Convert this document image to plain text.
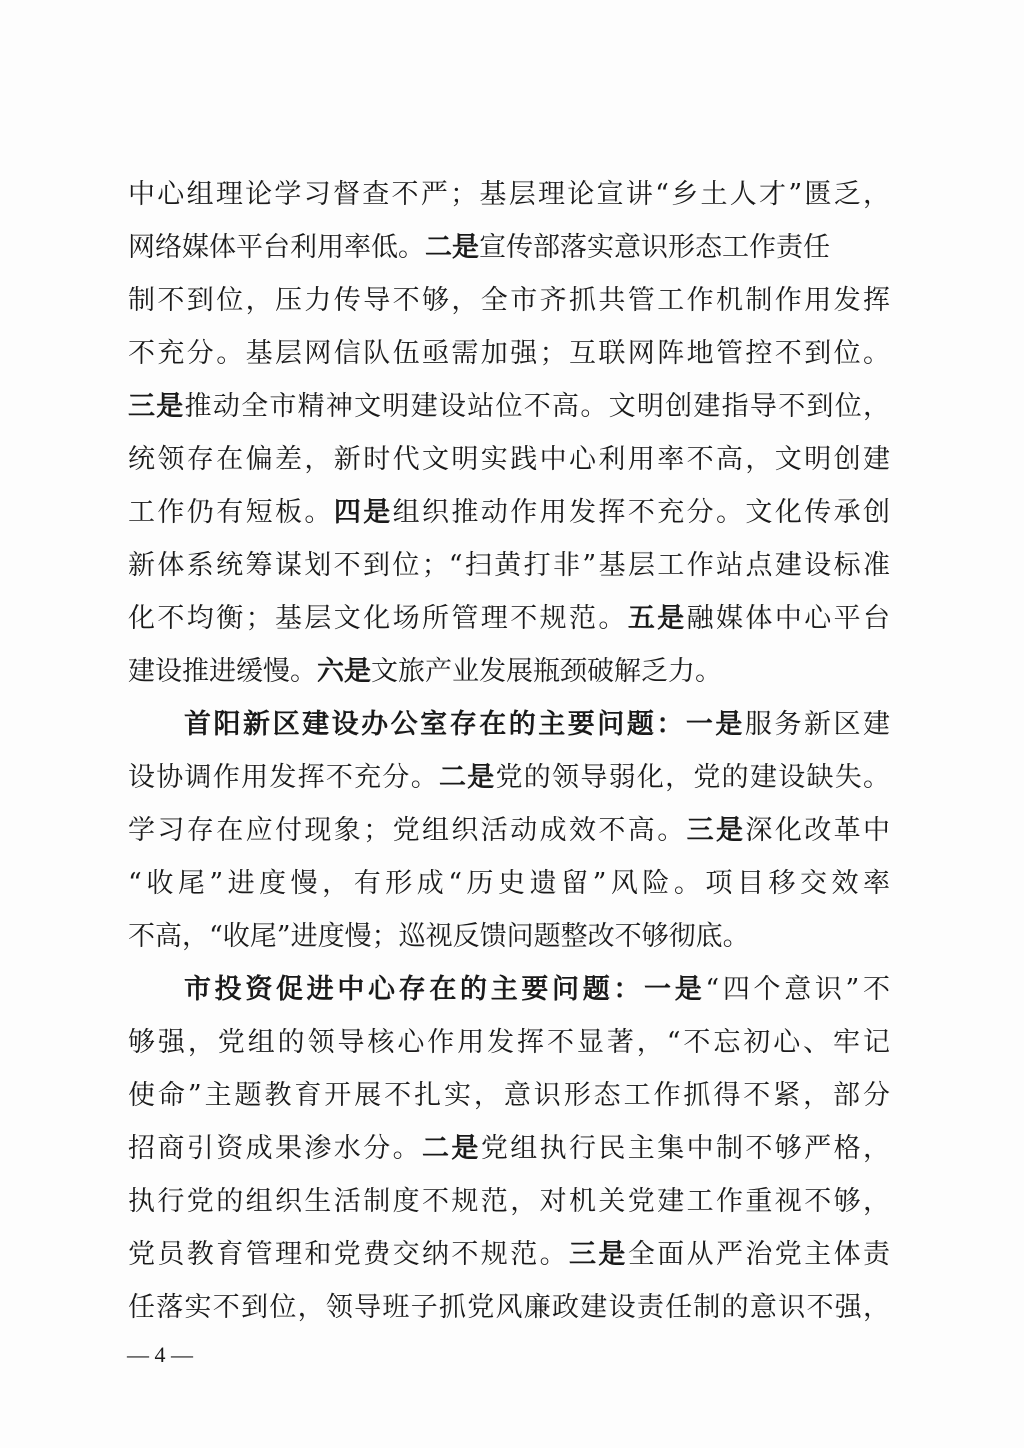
中心组理论学习督查不严；基层理论宣讲“乡土人才”匮乏，
网络媒体平台利用率低。二是宣传部落实意识形态工作责任
制不到位，压力传导不够，全市齐抓共管工作机制作用发挥
不充分。基层网信队伍亟需加强；互联网阵地管控不到位。
三是推动全市精神文明建设站位不高。文明创建指导不到位，
统领存在偏差，新时代文明实践中心利用率不高，文明创建
工作仍有短板。四是组织推动作用发挥不充分。文化传承创
新体系统筹谋划不到位；“扫黄打非”基层工作站点建设标准
化不均衡；基层文化场所管理不规范。五是融媒体中心平台
建设推进缓慢。六是文旅产业发展瓶颈破解乏力。
首阳新区建设办公室存在的主要问题：一是服务新区建
设协调作用发挥不充分。二是党的领导弱化，党的建设缺失。
学习存在应付现象；党组织活动成效不高。三是深化改革中
“收尾”进度慢，有形成“历史遗留”风险。项目移交效率
不高，“收尾”进度慢；巡视反馈问题整改不够彻底。
市投资促进中心存在的主要问题：一是“四个意识”不
够强，党组的领导核心作用发挥不显著，“不忘初心、牢记
使命”主题教育开展不扎实，意识形态工作抓得不紧，部分
招商引资成果渗水分。二是党组执行民主集中制不够严格，
执行党的组织生活制度不规范，对机关党建工作重视不够，
党员教育管理和党费交纳不规范。三是全面从严治党主体责
任落实不到位，领导班子抓党风廉政建设责任制的意识不强，
— 4 —
